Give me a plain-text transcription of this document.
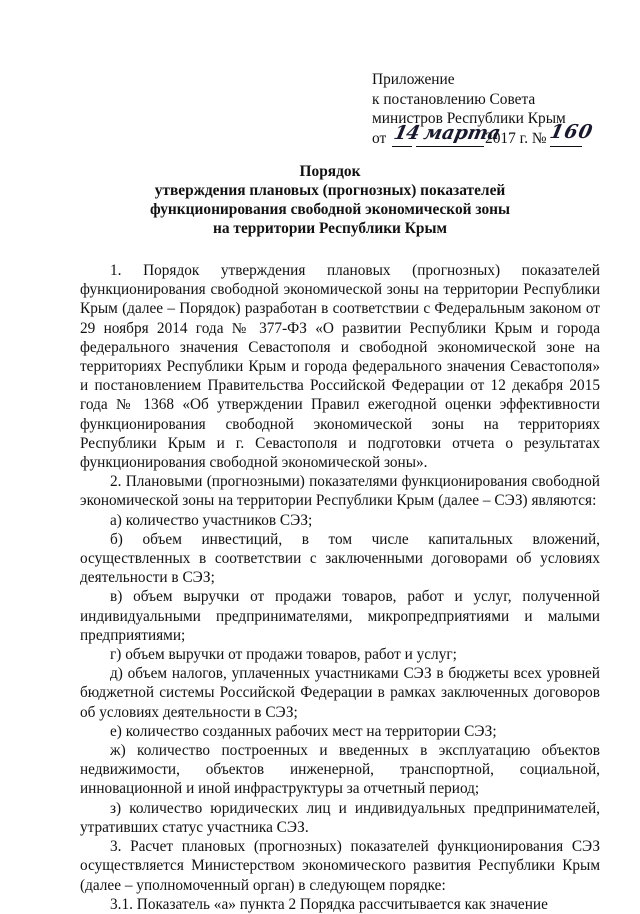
Приложение
к постановлению Совета
министров Республики Крым
от 14 марта
2017 г. № 160
Порядок
утверждения плановых (прогнозных) показателей
функционирования свободной экономической зоны
на территории Республики Крым

1. Порядок утверждения плановых (прогнозных) показателей функционирования свободной экономической зоны на территории Республики Крым (далее – Порядок) разработан в соответствии с Федеральным законом от 29 ноября 2014 года № 377-ФЗ «О развитии Республики Крым и города федерального значения Севастополя и свободной экономической зоне на территориях Республики Крым и города федерального значения Севастополя» и постановлением Правительства Российской Федерации от 12 декабря 2015 года № 1368 «Об утверждении Правил ежегодной оценки эффективности функционирования свободной экономической зоны на территориях Республики Крым и г. Севастополя и подготовки отчета о результатах функционирования свободной экономической зоны».

2. Плановыми (прогнозными) показателями функционирования свободной экономической зоны на территории Республики Крым (далее – СЭЗ) являются:

а) количество участников СЭЗ;

б) объем инвестиций, в том числе капитальных вложений, осуществленных в соответствии с заключенными договорами об условиях деятельности в СЭЗ;

в) объем выручки от продажи товаров, работ и услуг, полученной индивидуальными предпринимателями, микропредприятиями и малыми предприятиями;

г) объем выручки от продажи товаров, работ и услуг;

д) объем налогов, уплаченных участниками СЭЗ в бюджеты всех уровней бюджетной системы Российской Федерации в рамках заключенных договоров об условиях деятельности в СЭЗ;

е) количество созданных рабочих мест на территории СЭЗ;

ж) количество построенных и введенных в эксплуатацию объектов недвижимости, объектов инженерной, транспортной, социальной, инновационной и иной инфраструктуры за отчетный период;

з) количество юридических лиц и индивидуальных предпринимателей, утративших статус участника СЭЗ.

3. Расчет плановых (прогнозных) показателей функционирования СЭЗ осуществляется Министерством экономического развития Республики Крым (далее – уполномоченный орган) в следующем порядке:

3.1. Показатель «а» пункта 2 Порядка рассчитывается как значение
